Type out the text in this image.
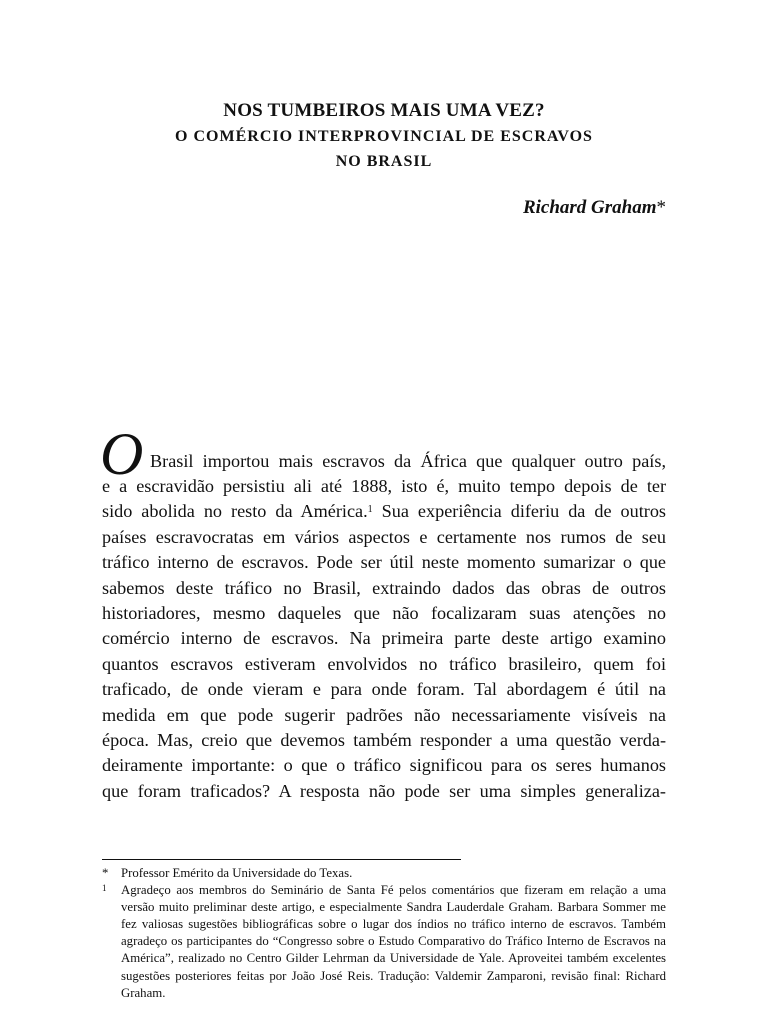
NOS TUMBEIROS MAIS UMA VEZ?
O COMÉRCIO INTERPROVINCIAL DE ESCRAVOS
NO BRASIL
Richard Graham*
O Brasil importou mais escravos da África que qualquer outro país,
e a escravidão persistiu ali até 1888, isto é, muito tempo depois de ter
sido abolida no resto da América.$^1$ Sua experiência diferiu da de outros
países escravocratas em vários aspectos e certamente nos rumos de seu
tráfico interno de escravos. Pode ser útil neste momento sumarizar o que
sabemos deste tráfico no Brasil, extraindo dados das obras de outros
historiadores, mesmo daqueles que não focalizaram suas atenções no
comércio interno de escravos. Na primeira parte deste artigo examino
quantos escravos estiveram envolvidos no tráfico brasileiro, quem foi
traficado, de onde vieram e para onde foram. Tal abordagem é útil na
medida em que pode sugerir padrões não necessariamente visíveis na
época. Mas, creio que devemos também responder a uma questão verda-
deiramente importante: o que o tráfico significou para os seres humanos
que foram traficados? A resposta não pode ser uma simples generaliza-
* Professor Emérito da Universidade do Texas.
1 Agradeço aos membros do Seminário de Santa Fé pelos comentários que fizeram em relação a uma versão muito preliminar deste artigo, e especialmente Sandra Lauderdale Graham. Barbara Sommer me fez valiosas sugestões bibliográficas sobre o lugar dos índios no tráfico interno de escravos. Também agradeço os participantes do “Congresso sobre o Estudo Comparativo do Tráfico Interno de Escravos na América”, realizado no Centro Gilder Lehrman da Universidade de Yale. Aproveitei também excelentes sugestões posteriores feitas por João José Reis. Tradução: Valdemir Zamparoni, revisão final: Richard Graham.
